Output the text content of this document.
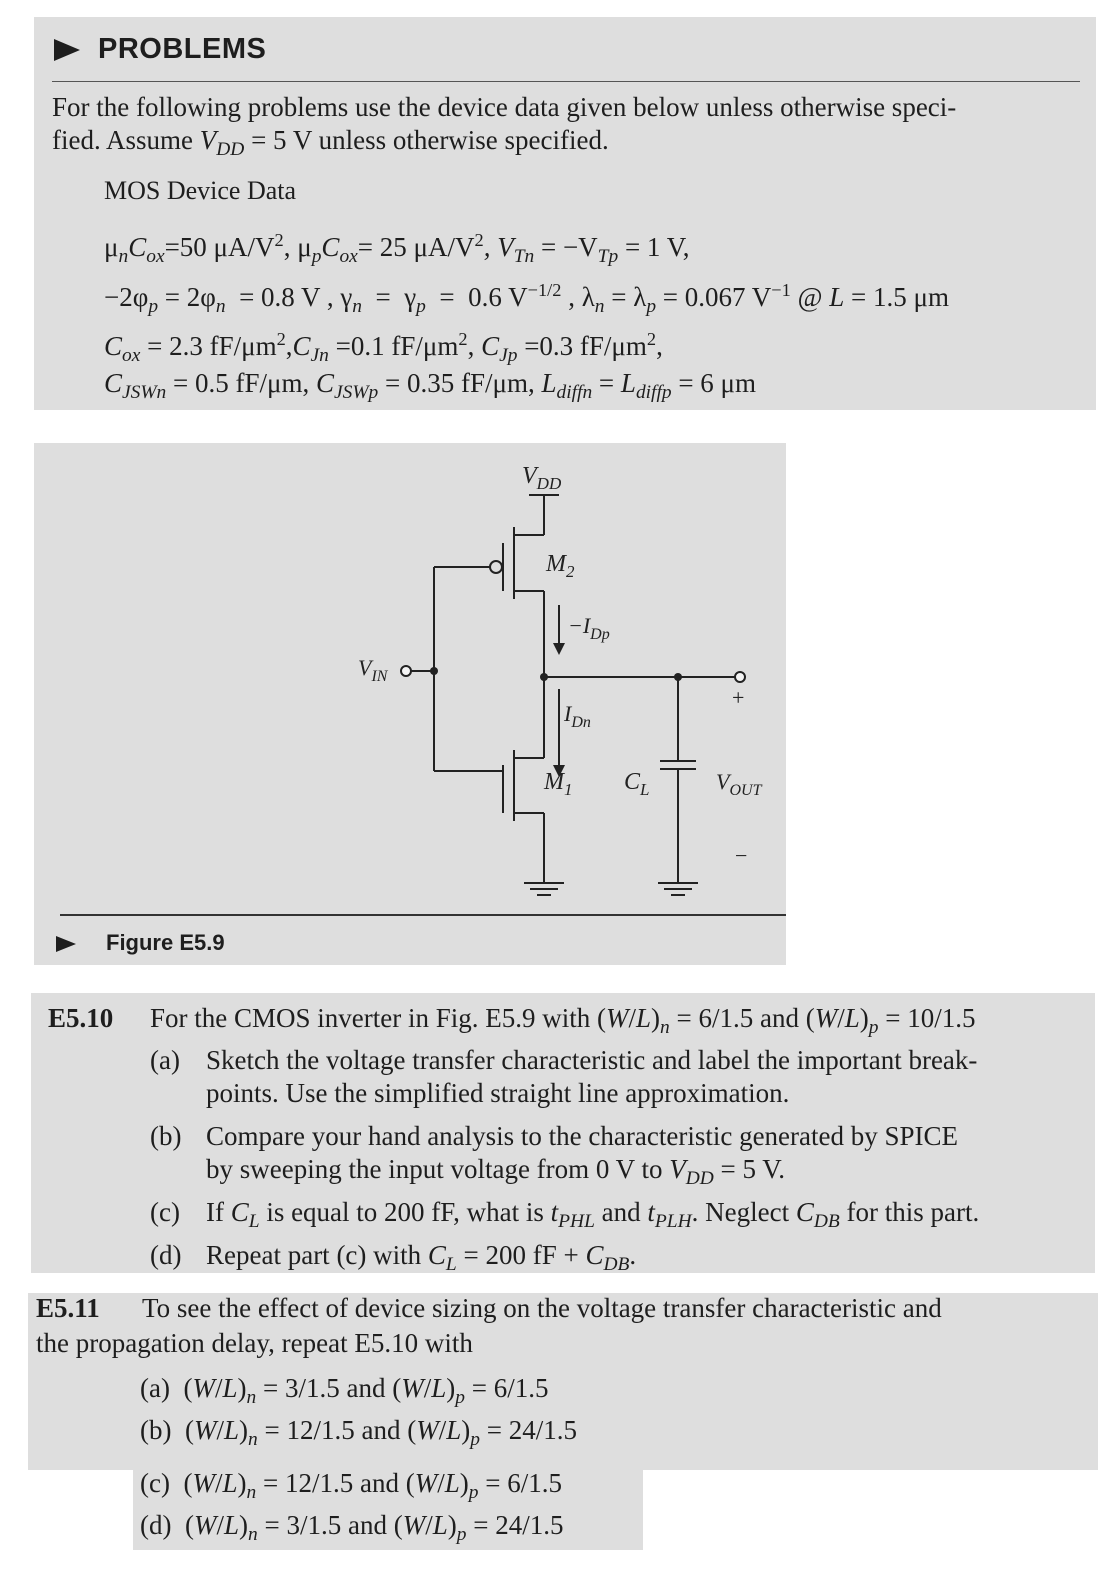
PROBLEMS
For the following problems use the device data given below unless otherwise speci-
fied. Assume $V_{DD} = 5$ V unless otherwise specified.
MOS Device Data
$\mu_nC_{ox}=50$ $\mu A/V^2$, $\mu_pC_{ox}= 25$ $\mu A/V^2$, $V_{Tn} = -V_{Tp} = 1$ V,
$-2\varphi_p = 2\varphi_n = 0.8$ V , $\gamma_n = \gamma_p = 0.6$ $V^{-1/2}$ , $\lambda_n = \lambda_p = 0.067$ $V^{-1}$ @ L = 1.5 μm
$C_{ox} = 2.3$ $fF/\mu m^2,C_{Jn} =0.1$ $fF/\mu m^2$, $C_{Jp} =0.3$ $fF/\mu m^2$,
$C_{JSWn} = 0.5$ fF/μm, $C_{JSWp} = 0.35$ fF/μm, $L_{diffn} = L_{diffp} = 6$ μm
$V_{DD}$
$M_2$
$-I_{Dp}$
$I_{Dn}$
$V_{IN}$
$M_1$ $C_L$	$V_{OUT}$
+
−
Figure E5.9
E5.10 For the CMOS inverter in Fig. E5.9 with $(W/L)_n = 6/1.5$ and $(W/L)_p = 10/1.5$
(a) Sketch the voltage transfer characteristic and label the important break-
points. Use the simplified straight line approximation.
(b) Compare your hand analysis to the characteristic generated by SPICE
by sweeping the input voltage from 0 V to $V_{DD} = 5$ V.
(c) If $C_L$ is equal to 200 fF, what is $t_{PHL}$ and $t_{PLH}$. Neglect $C_{DB}$ for this part.
(d) Repeat part (c) with $C_L = 200$ fF + $C_{DB}$.
E5.11 To see the effect of device sizing on the voltage transfer characteristic and
the propagation delay, repeat E5.10 with
(a)  $(W/L)_n = 3/1.5$ and $(W/L)_p = 6/1.5$
(b)  $(W/L)_n = 12/1.5$ and $(W/L)_p = 24/1.5$
(c)  $(W/L)_n = 12/1.5$ and $(W/L)_p = 6/1.5$
(d)  $(W/L)_n = 3/1.5$ and $(W/L)_p = 24/1.5$
